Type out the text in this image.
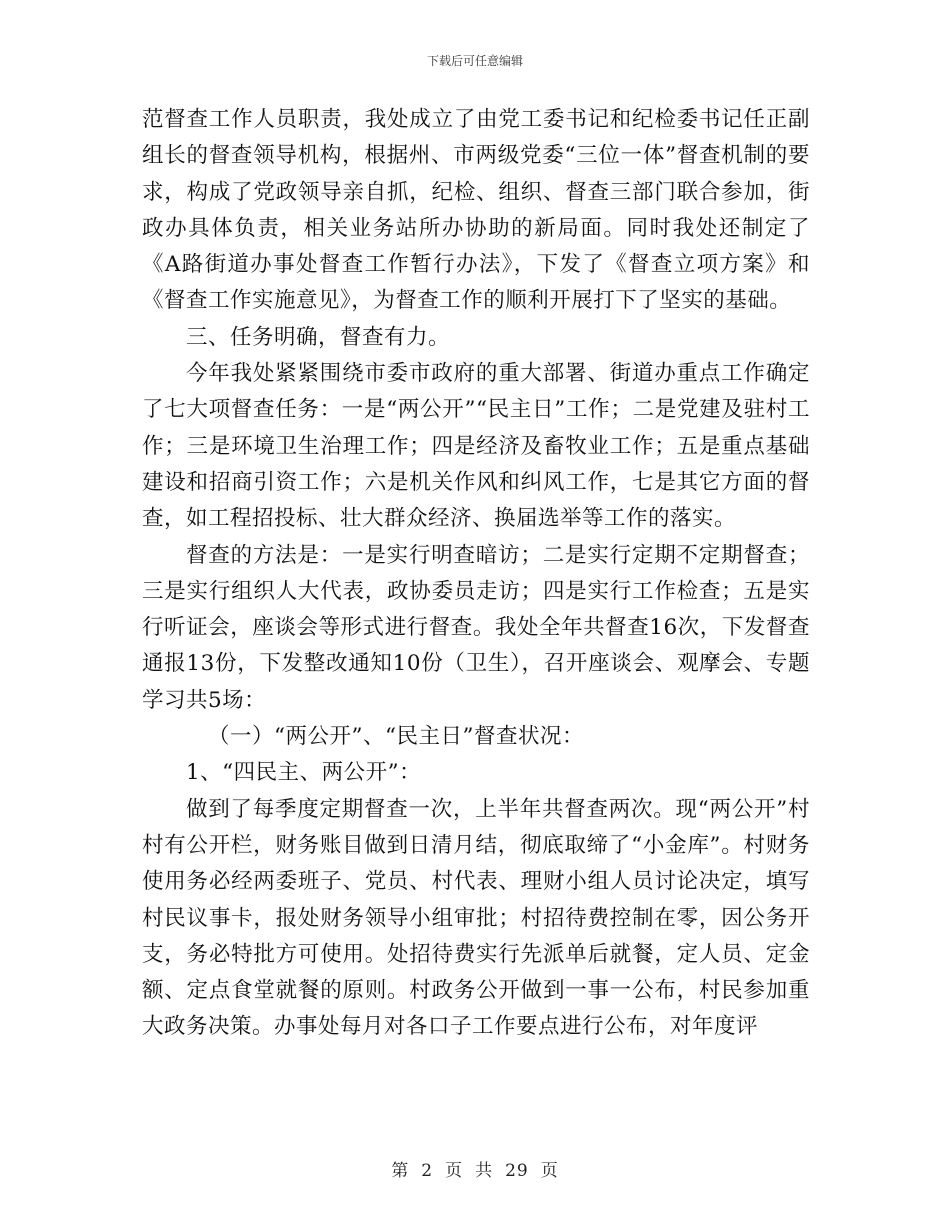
下载后可任意编辑

范督查工作人员职责，我处成立了由党工委书记和纪检委书记任正副组长的督查领导机构，根据州、市两级党委“三位一体”督查机制的要求，构成了党政领导亲自抓，纪检、组织、督查三部门联合参加，街政办具体负责，相关业务站所办协助的新局面。同时我处还制定了《A路街道办事处督查工作暂行办法》，下发了《督查立项方案》和《督查工作实施意见》，为督查工作的顺利开展打下了坚实的基础。

三、任务明确，督查有力。

今年我处紧紧围绕市委市政府的重大部署、街道办重点工作确定了七大项督查任务：一是“两公开”“民主日”工作；二是党建及驻村工作；三是环境卫生治理工作；四是经济及畜牧业工作；五是重点基础建设和招商引资工作；六是机关作风和纠风工作，七是其它方面的督查，如工程招投标、壮大群众经济、换届选举等工作的落实。

督查的方法是：一是实行明查暗访；二是实行定期不定期督查；三是实行组织人大代表，政协委员走访；四是实行工作检查；五是实行听证会，座谈会等形式进行督查。我处全年共督查16次，下发督查通报13份，下发整改通知10份（卫生），召开座谈会、观摩会、专题学习共5场：

（一）“两公开”、“民主日”督查状况：

1、“四民主、两公开”：

做到了每季度定期督查一次，上半年共督查两次。现“两公开”村村有公开栏，财务账目做到日清月结，彻底取缔了“小金库”。村财务使用务必经两委班子、党员、村代表、理财小组人员讨论决定，填写村民议事卡，报处财务领导小组审批；村招待费控制在零，因公务开支，务必特批方可使用。处招待费实行先派单后就餐，定人员、定金额、定点食堂就餐的原则。村政务公开做到一事一公布，村民参加重大政务决策。办事处每月对各口子工作要点进行公布，对年度评

第 2 页 共 29 页
